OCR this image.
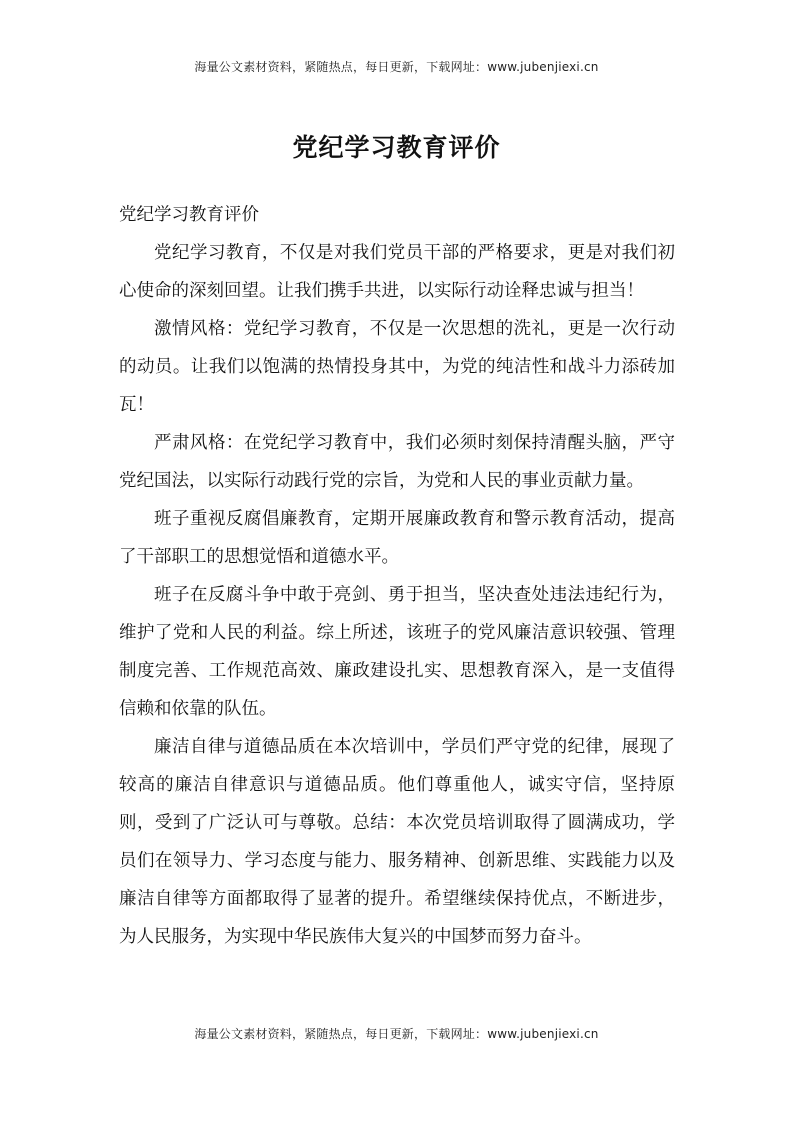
海量公文素材资料，紧随热点，每日更新，下载网址：www.jubenjiexi.cn
党纪学习教育评价

党纪学习教育评价

党纪学习教育，不仅是对我们党员干部的严格要求，更是对我们初心使命的深刻回望。让我们携手共进，以实际行动诠释忠诚与担当！

激情风格：党纪学习教育，不仅是一次思想的洗礼，更是一次行动的动员。让我们以饱满的热情投身其中，为党的纯洁性和战斗力添砖加瓦！

严肃风格：在党纪学习教育中，我们必须时刻保持清醒头脑，严守党纪国法，以实际行动践行党的宗旨，为党和人民的事业贡献力量。

班子重视反腐倡廉教育，定期开展廉政教育和警示教育活动，提高了干部职工的思想觉悟和道德水平。

班子在反腐斗争中敢于亮剑、勇于担当，坚决查处违法违纪行为，维护了党和人民的利益。综上所述，该班子的党风廉洁意识较强、管理制度完善、工作规范高效、廉政建设扎实、思想教育深入，是一支值得信赖和依靠的队伍。

廉洁自律与道德品质在本次培训中，学员们严守党的纪律，展现了较高的廉洁自律意识与道德品质。他们尊重他人，诚实守信，坚持原则，受到了广泛认可与尊敬。总结：本次党员培训取得了圆满成功，学员们在领导力、学习态度与能力、服务精神、创新思维、实践能力以及廉洁自律等方面都取得了显著的提升。希望继续保持优点，不断进步，为人民服务，为实现中华民族伟大复兴的中国梦而努力奋斗。

海量公文素材资料，紧随热点，每日更新，下载网址：www.jubenjiexi.cn
